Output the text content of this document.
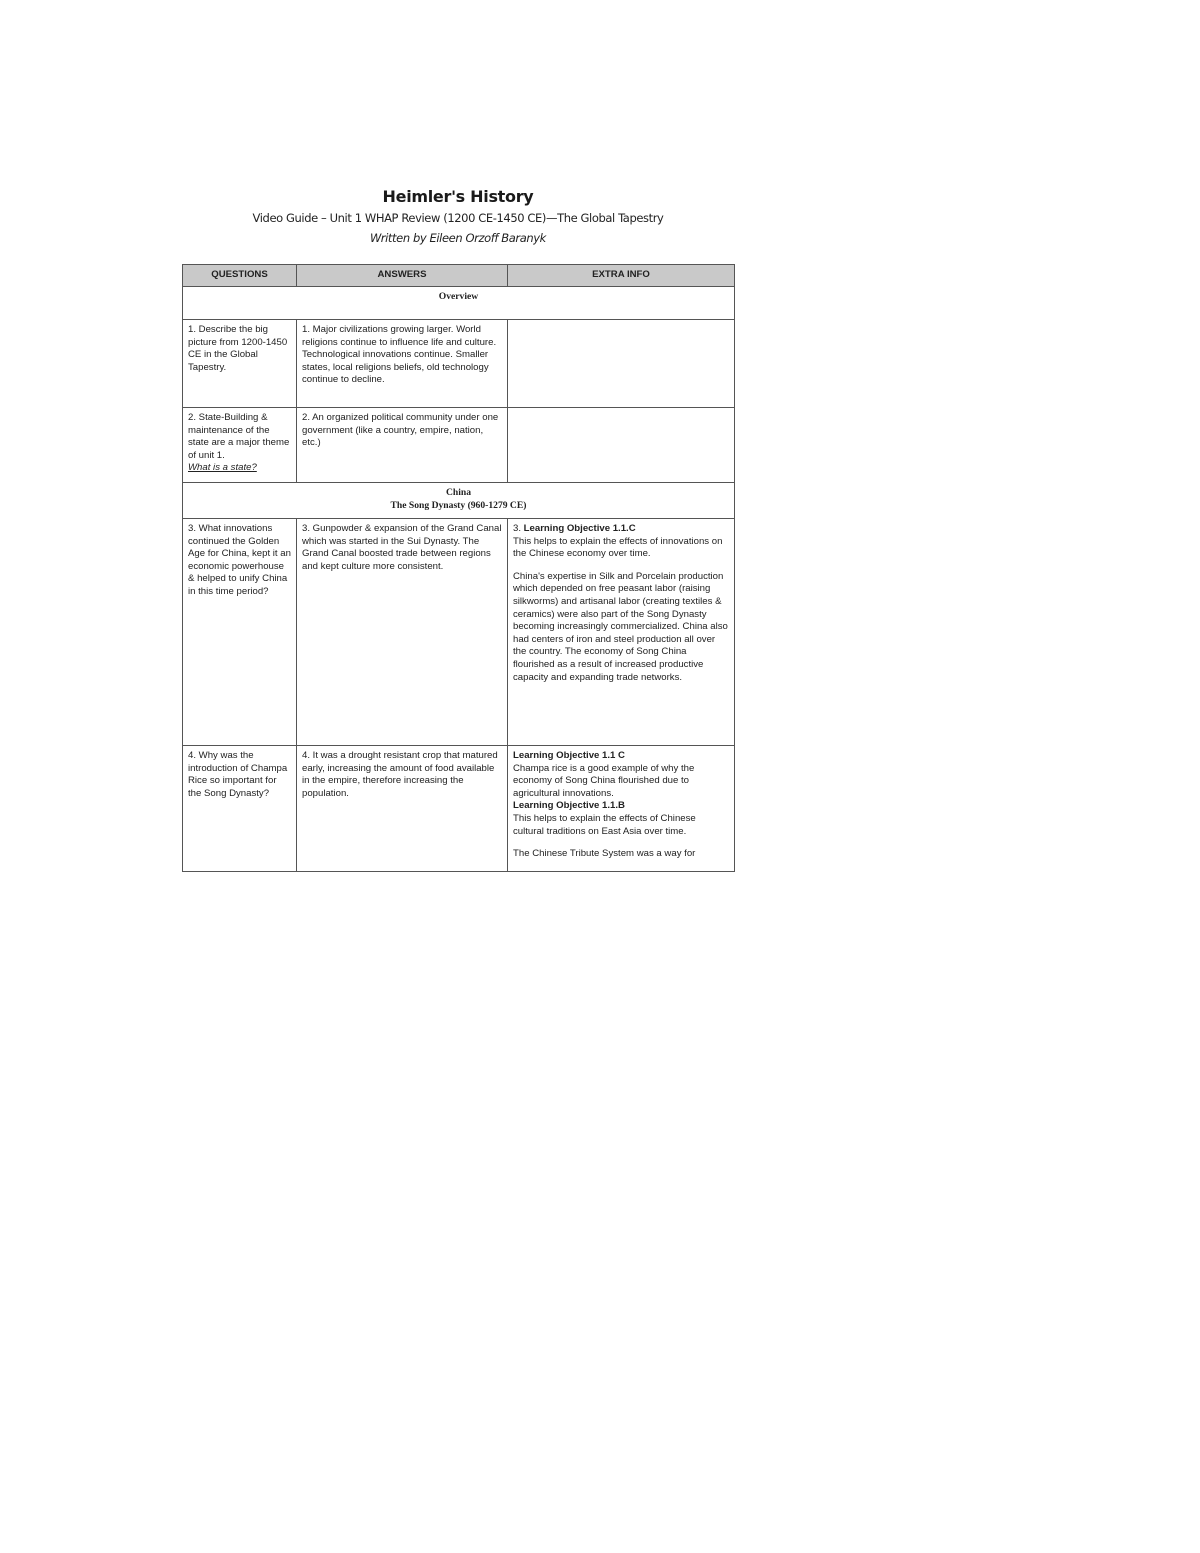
Heimler's History
Video Guide – Unit 1 WHAP Review (1200 CE-1450 CE)—The Global Tapestry
Written by Eileen Orzoff Baranyk
QUESTIONS	ANSWERS	EXTRA INFO
Overview		
1. Describe the big picture from 1200-1450 CE in the Global Tapestry.	1. Major civilizations growing larger. World religions continue to influence life and culture. Technological innovations continue. Smaller states, local religions beliefs, old technology continue to decline.	
2. State-Building & maintenance of the state are a major theme of unit 1.
What is a state?	2. An organized political community under one government (like a country, empire, nation, etc.)	
China
The Song Dynasty (960-1279 CE)		
3. What innovations continued the Golden Age for China, kept it an economic powerhouse & helped to unify China in this time period?	3. Gunpowder & expansion of the Grand Canal which was started in the Sui Dynasty. The Grand Canal boosted trade between regions and kept culture more consistent.	3. Learning Objective 1.1.C
This helps to explain the effects of innovations on the Chinese economy over time.
China's expertise in Silk and Porcelain production which depended on free peasant labor (raising silkworms) and artisanal labor (creating textiles & ceramics) were also part of the Song Dynasty becoming increasingly commercialized. China also had centers of iron and steel production all over the country. The economy of Song China flourished as a result of increased productive capacity and expanding trade networks.
4. Why was the introduction of Champa Rice so important for the Song Dynasty?	4. It was a drought resistant crop that matured early, increasing the amount of food available in the empire, therefore increasing the population.	Learning Objective 1.1 C
Champa rice is a good example of why the economy of Song China flourished due to agricultural innovations.
Learning Objective 1.1.B
This helps to explain the effects of Chinese cultural traditions on East Asia over time.
The Chinese Tribute System was a way for
